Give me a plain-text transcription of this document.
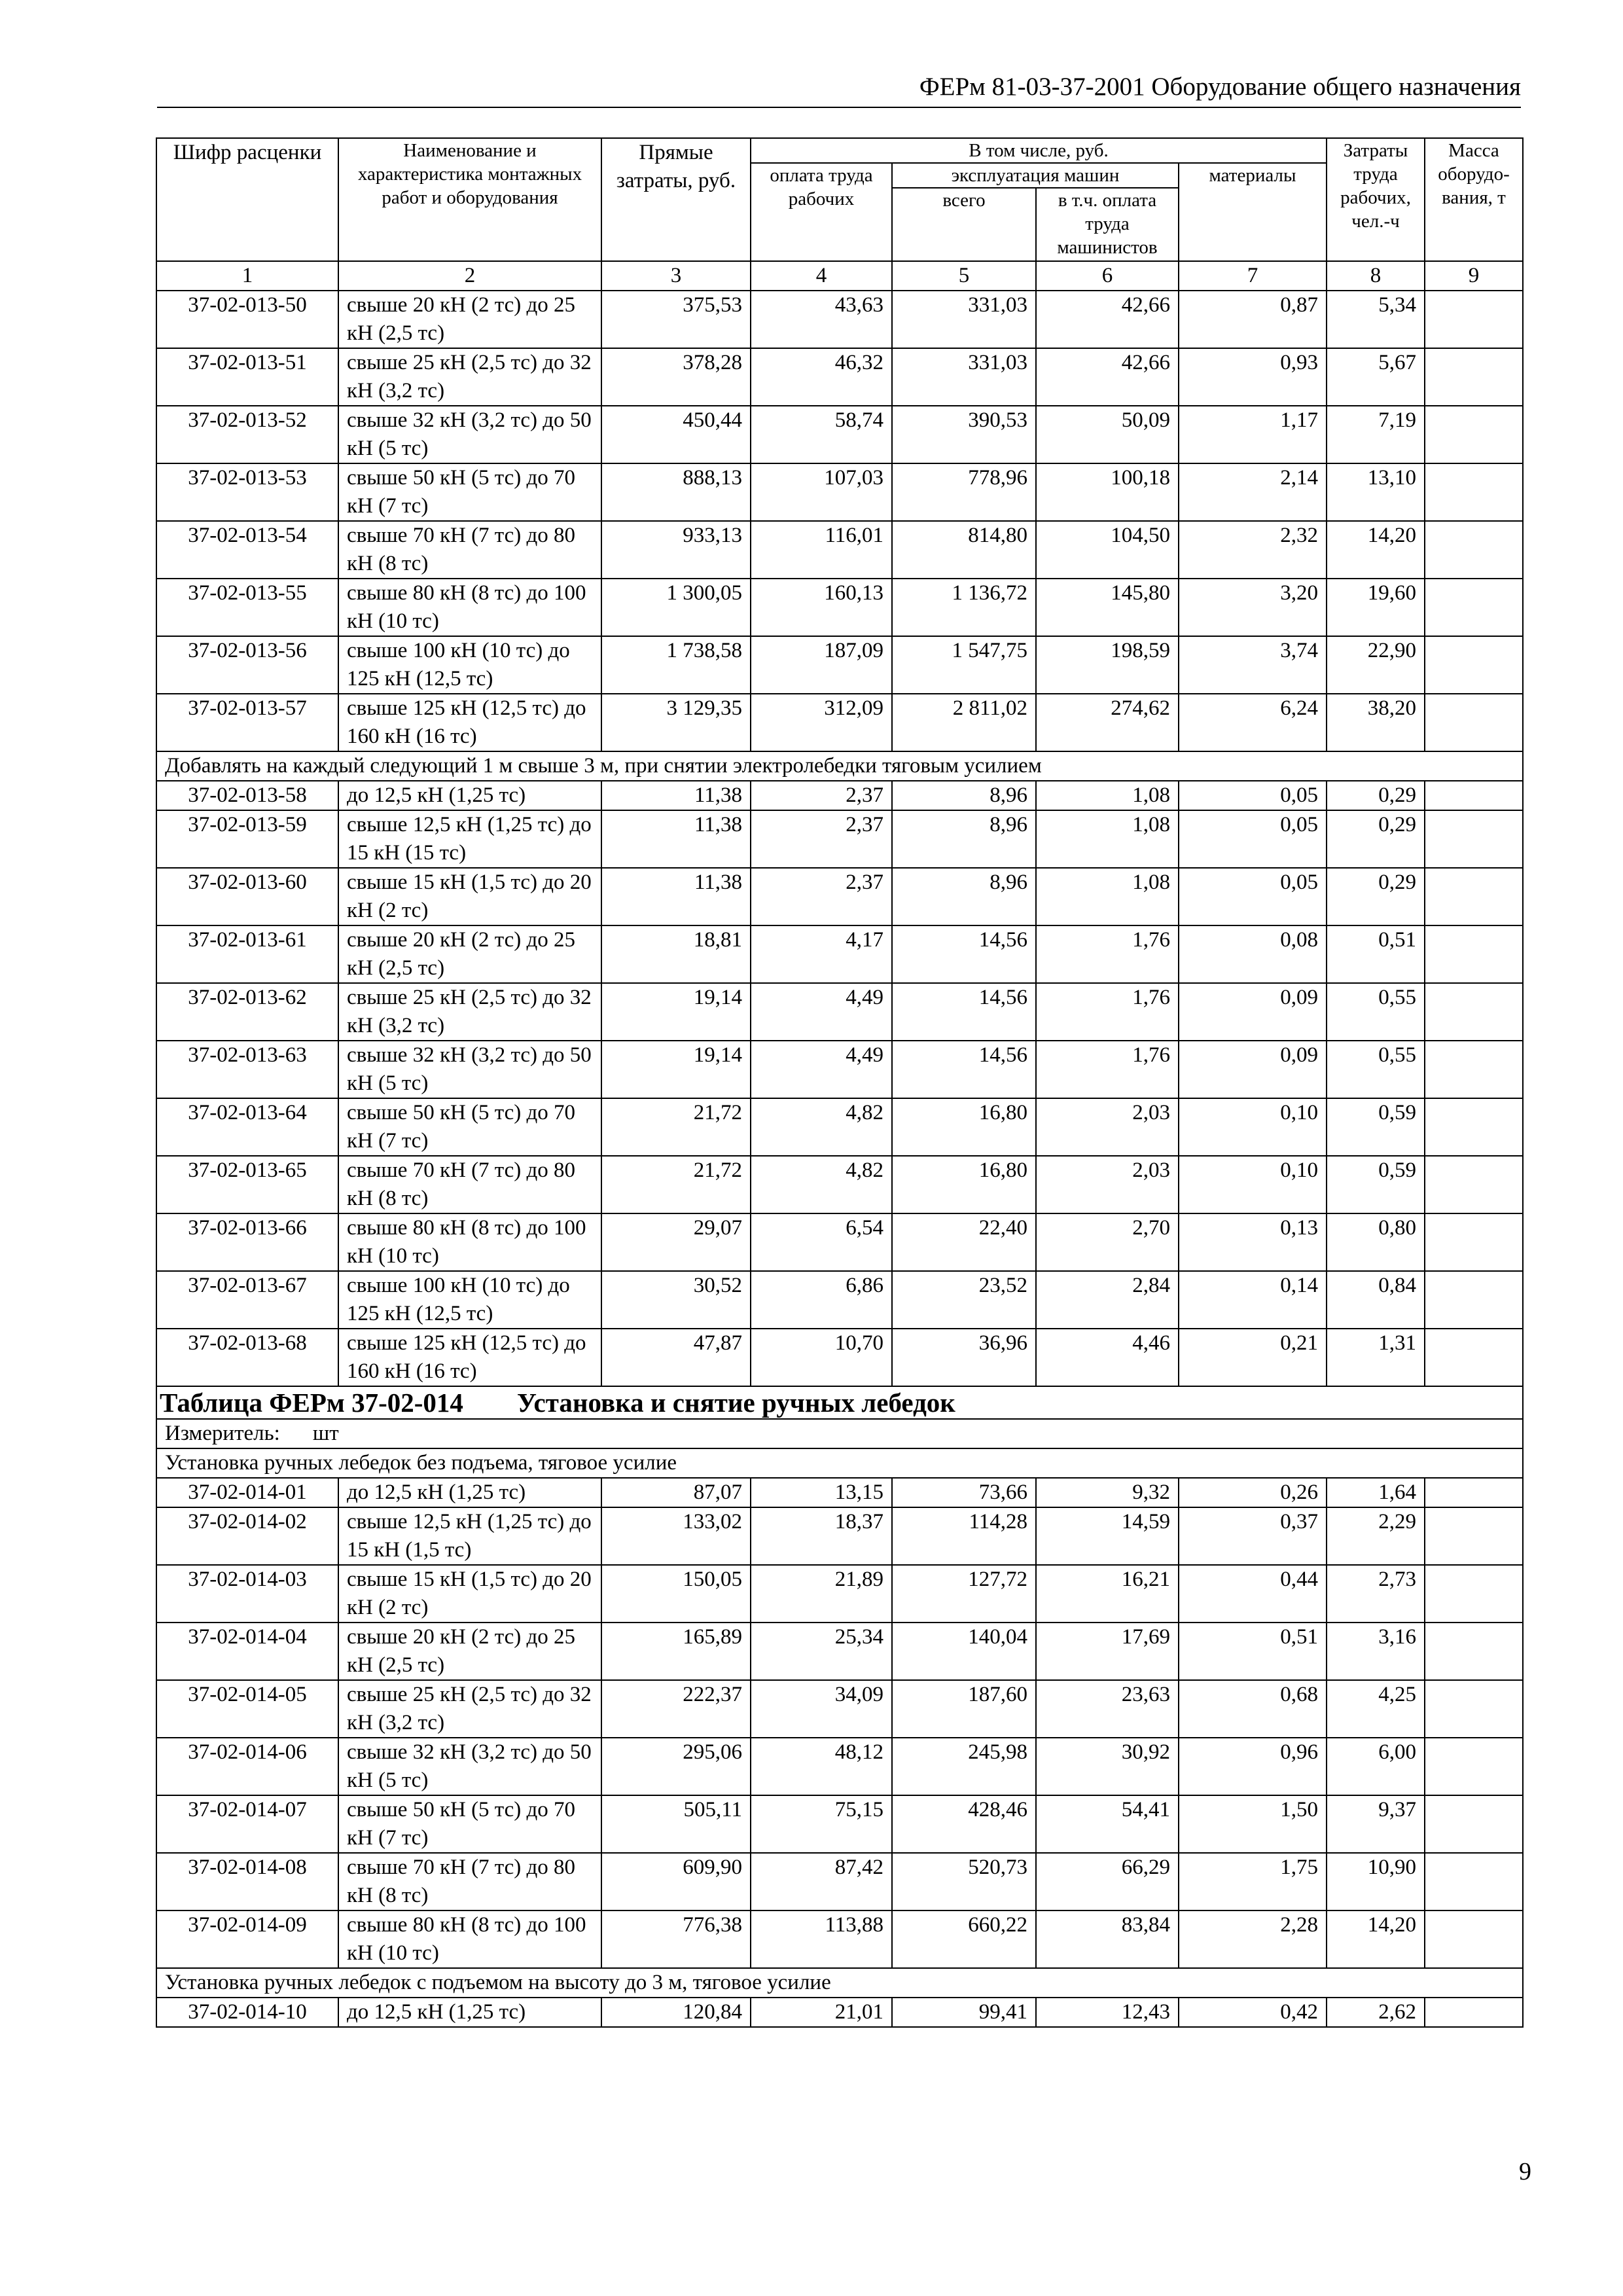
ФЕРм 81-03-37-2001 Оборудование общего назначения
Шифр расценки	Наименование и характеристика монтажных работ и оборудования	Прямые затраты, руб.	В том числе, руб.				Затраты труда рабочих, чел.-ч	Масса оборудо-вания, т
			оплата труда рабочих	эксплуатация машин		материалы		
				всего	в т.ч. оплата труда машинистов			
1	2	3	4	5	6	7	8	9
37-02-013-50	свыше 20 кН (2 тс) до 25 кН (2,5 тс)	375,53	43,63	331,03	42,66	0,87	5,34	
37-02-013-51	свыше 25 кН (2,5 тс) до 32 кН (3,2 тс)	378,28	46,32	331,03	42,66	0,93	5,67	
37-02-013-52	свыше 32 кН (3,2 тс) до 50 кН (5 тс)	450,44	58,74	390,53	50,09	1,17	7,19	
37-02-013-53	свыше 50 кН (5 тс) до 70 кН (7 тс)	888,13	107,03	778,96	100,18	2,14	13,10	
37-02-013-54	свыше 70 кН (7 тс) до 80 кН (8 тс)	933,13	116,01	814,80	104,50	2,32	14,20	
37-02-013-55	свыше 80 кН (8 тс) до 100 кН (10 тс)	1 300,05	160,13	1 136,72	145,80	3,20	19,60	
37-02-013-56	свыше 100 кН (10 тс) до 125 кН (12,5 тс)	1 738,58	187,09	1 547,75	198,59	3,74	22,90	
37-02-013-57	свыше 125 кН (12,5 тс) до 160 кН (16 тс)	3 129,35	312,09	2 811,02	274,62	6,24	38,20	
Добавлять на каждый следующий 1 м свыше 3 м, при снятии электролебедки тяговым усилием								
37-02-013-58	до 12,5 кН (1,25 тс)	11,38	2,37	8,96	1,08	0,05	0,29	
37-02-013-59	свыше 12,5 кН (1,25 тс) до 15 кН (15 тс)	11,38	2,37	8,96	1,08	0,05	0,29	
37-02-013-60	свыше 15 кН (1,5 тс) до 20 кН (2 тс)	11,38	2,37	8,96	1,08	0,05	0,29	
37-02-013-61	свыше 20 кН (2 тс) до 25 кН (2,5 тс)	18,81	4,17	14,56	1,76	0,08	0,51	
37-02-013-62	свыше 25 кН (2,5 тс) до 32 кН (3,2 тс)	19,14	4,49	14,56	1,76	0,09	0,55	
37-02-013-63	свыше 32 кН (3,2 тс) до 50 кН (5 тс)	19,14	4,49	14,56	1,76	0,09	0,55	
37-02-013-64	свыше 50 кН (5 тс) до 70 кН (7 тс)	21,72	4,82	16,80	2,03	0,10	0,59	
37-02-013-65	свыше 70 кН (7 тс) до 80 кН (8 тс)	21,72	4,82	16,80	2,03	0,10	0,59	
37-02-013-66	свыше 80 кН (8 тс) до 100 кН (10 тс)	29,07	6,54	22,40	2,70	0,13	0,80	
37-02-013-67	свыше 100 кН (10 тс) до 125 кН (12,5 тс)	30,52	6,86	23,52	2,84	0,14	0,84	
37-02-013-68	свыше 125 кН (12,5 тс) до 160 кН (16 тс)	47,87	10,70	36,96	4,46	0,21	1,31	
Таблица ФЕРм 37-02-014        Установка и снятие ручных лебедок								
Измеритель: шт								
Установка ручных лебедок без подъема, тяговое усилие								
37-02-014-01	до 12,5 кН (1,25 тс)	87,07	13,15	73,66	9,32	0,26	1,64	
37-02-014-02	свыше 12,5 кН (1,25 тс) до 15 кН (1,5 тс)	133,02	18,37	114,28	14,59	0,37	2,29	
37-02-014-03	свыше 15 кН (1,5 тс) до 20 кН (2 тс)	150,05	21,89	127,72	16,21	0,44	2,73	
37-02-014-04	свыше 20 кН (2 тс) до 25 кН (2,5 тс)	165,89	25,34	140,04	17,69	0,51	3,16	
37-02-014-05	свыше 25 кН (2,5 тс) до 32 кН (3,2 тс)	222,37	34,09	187,60	23,63	0,68	4,25	
37-02-014-06	свыше 32 кН (3,2 тс) до 50 кН (5 тс)	295,06	48,12	245,98	30,92	0,96	6,00	
37-02-014-07	свыше 50 кН (5 тс) до 70 кН (7 тс)	505,11	75,15	428,46	54,41	1,50	9,37	
37-02-014-08	свыше 70 кН (7 тс) до 80 кН (8 тс)	609,90	87,42	520,73	66,29	1,75	10,90	
37-02-014-09	свыше 80 кН (8 тс) до 100 кН (10 тс)	776,38	113,88	660,22	83,84	2,28	14,20	
Установка ручных лебедок с подъемом на высоту до 3 м, тяговое усилие								
37-02-014-10	до 12,5 кН (1,25 тс)	120,84	21,01	99,41	12,43	0,42	2,62	
9
